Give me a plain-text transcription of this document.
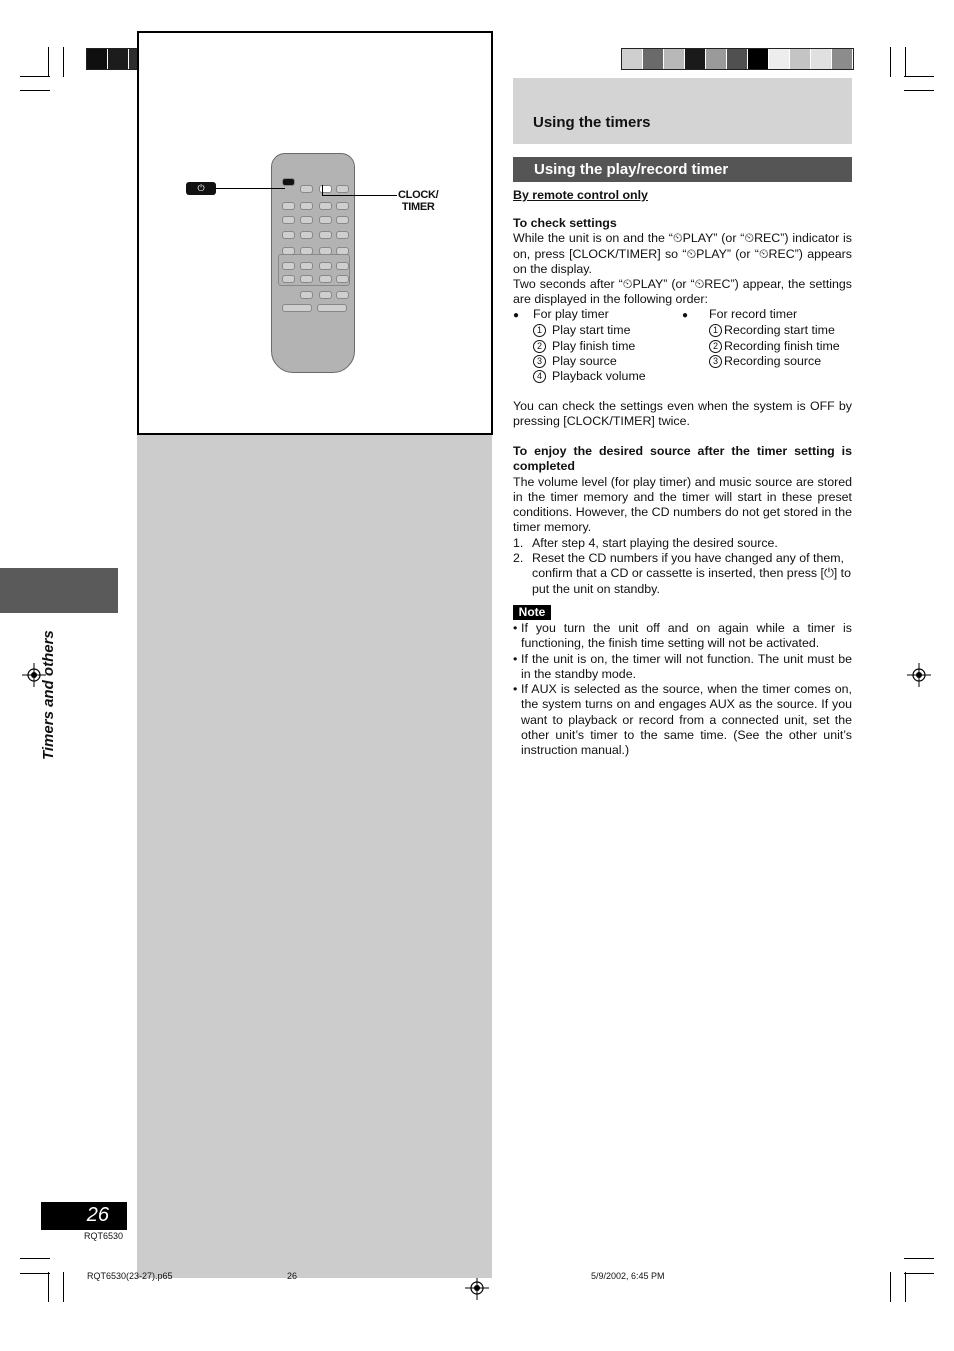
⏻
CLOCK/
TIMER
Timers and others
26
RQT6530
RQT6530(23-27).p65	26	5/9/2002, 6:45 PM
Using the timers
Using the play/record timer
By remote control only

To check settings

While the unit is on and the “⏲PLAY” (or “⏲REC”) indicator is on, press [CLOCK/TIMER] so “⏲PLAY” (or “⏲REC”) appears on the display.

Two seconds after “⏲PLAY” (or “⏲REC”) appear, the settings are displayed in the following order:

● For play timer
1 Play start time
2 Play finish time
3 Play source
4 Playback volume
● For record timer
1 Recording start time
2 Recording finish time
3 Recording source
You can check the settings even when the system is OFF by pressing [CLOCK/TIMER] twice.

To enjoy the desired source after the timer setting is completed

The volume level (for play timer) and music source are stored in the timer memory and the timer will start in these preset conditions. However, the CD numbers do not get stored in the timer memory.

1. After step 4, start playing the desired source.
2. Reset the CD numbers if you have changed any of them, confirm that a CD or cassette is inserted, then press [⏻] to put the unit on standby.
Note
• If you turn the unit off and on again while a timer is functioning, the finish time setting will not be activated.
• If the unit is on, the timer will not function. The unit must be in the standby mode.
• If AUX is selected as the source, when the timer comes on, the system turns on and engages AUX as the source. If you want to playback or record from a connected unit, set the other unit’s timer to the same time. (See the other unit’s instruction manual.)
